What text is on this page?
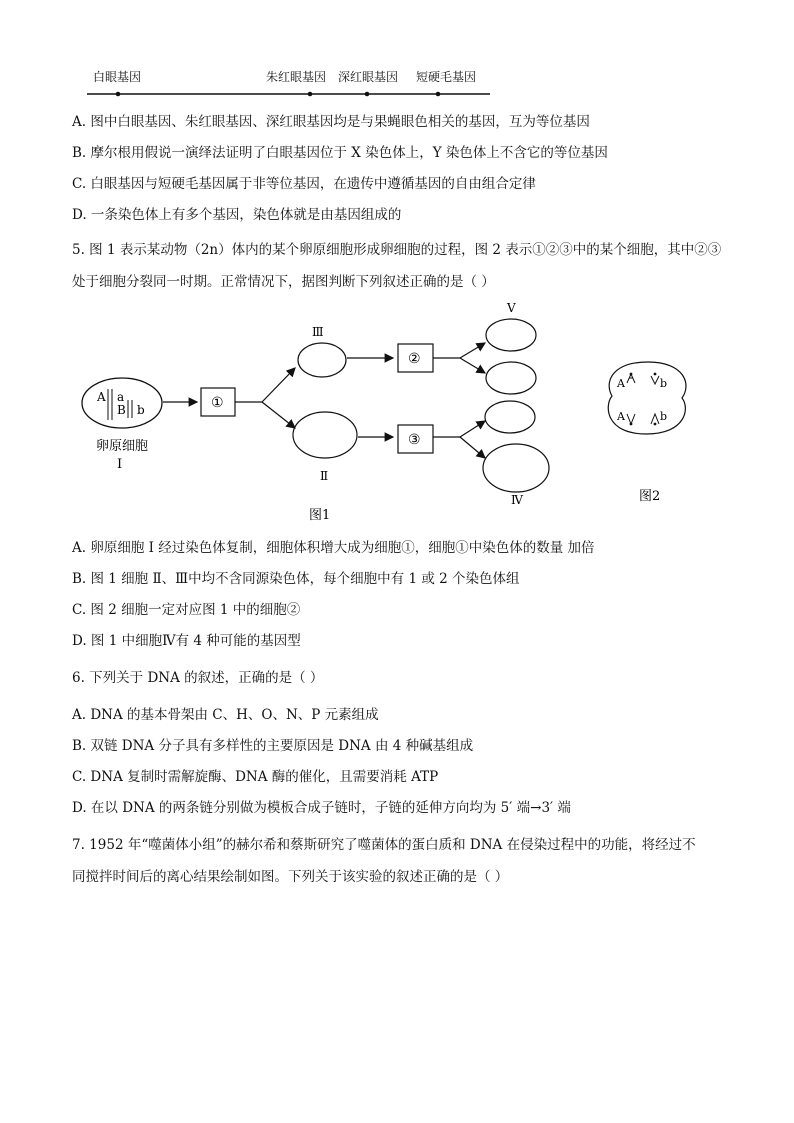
白眼基因	朱红眼基因 深红眼基因 短硬毛基因
A. 图中白眼基因、朱红眼基因、深红眼基因均是与果蝇眼色相关的基因，互为等位基因
B. 摩尔根用假说一演绎法证明了白眼基因位于 X 染色体上，Y 染色体上不含它的等位基因
C. 白眼基因与短硬毛基因属于非等位基因，在遗传中遵循基因的自由组合定律
D. 一条染色体上有多个基因，染色体就是由基因组成的
5. 图 1 表示某动物（2n）体内的某个卵原细胞形成卵细胞的过程，图 2 表示①②③中的某个细胞，其中②③
处于细胞分裂同一时期。正常情况下，据图判断下列叙述正确的是（ ）
A a
B b
卵原细胞
Ⅰ
①
Ⅲ
Ⅱ
②
③
Ⅴ
Ⅳ
图1
A	b
A	b
图2
A. 卵原细胞 Ⅰ 经过染色体复制，细胞体积增大成为细胞①，细胞①中染色体的数量 加倍
B. 图 1 细胞 Ⅱ、Ⅲ中均不含同源染色体，每个细胞中有 1 或 2 个染色体组
C. 图 2 细胞一定对应图 1 中的细胞②
D. 图 1 中细胞Ⅳ有 4 种可能的基因型
6. 下列关于 DNA 的叙述，正确的是（ ）
A. DNA 的基本骨架由 C、H、O、N、P 元素组成
B. 双链 DNA 分子具有多样性的主要原因是 DNA 由 4 种碱基组成
C. DNA 复制时需解旋酶、DNA 酶的催化，且需要消耗 ATP
D. 在以 DNA 的两条链分别做为模板合成子链时，子链的延伸方向均为 5′ 端→3′ 端
7. 1952 年“噬菌体小组”的赫尔希和蔡斯研究了噬菌体的蛋白质和 DNA 在侵染过程中的功能，将经过不
同搅拌时间后的离心结果绘制如图。下列关于该实验的叙述正确的是（ ）
